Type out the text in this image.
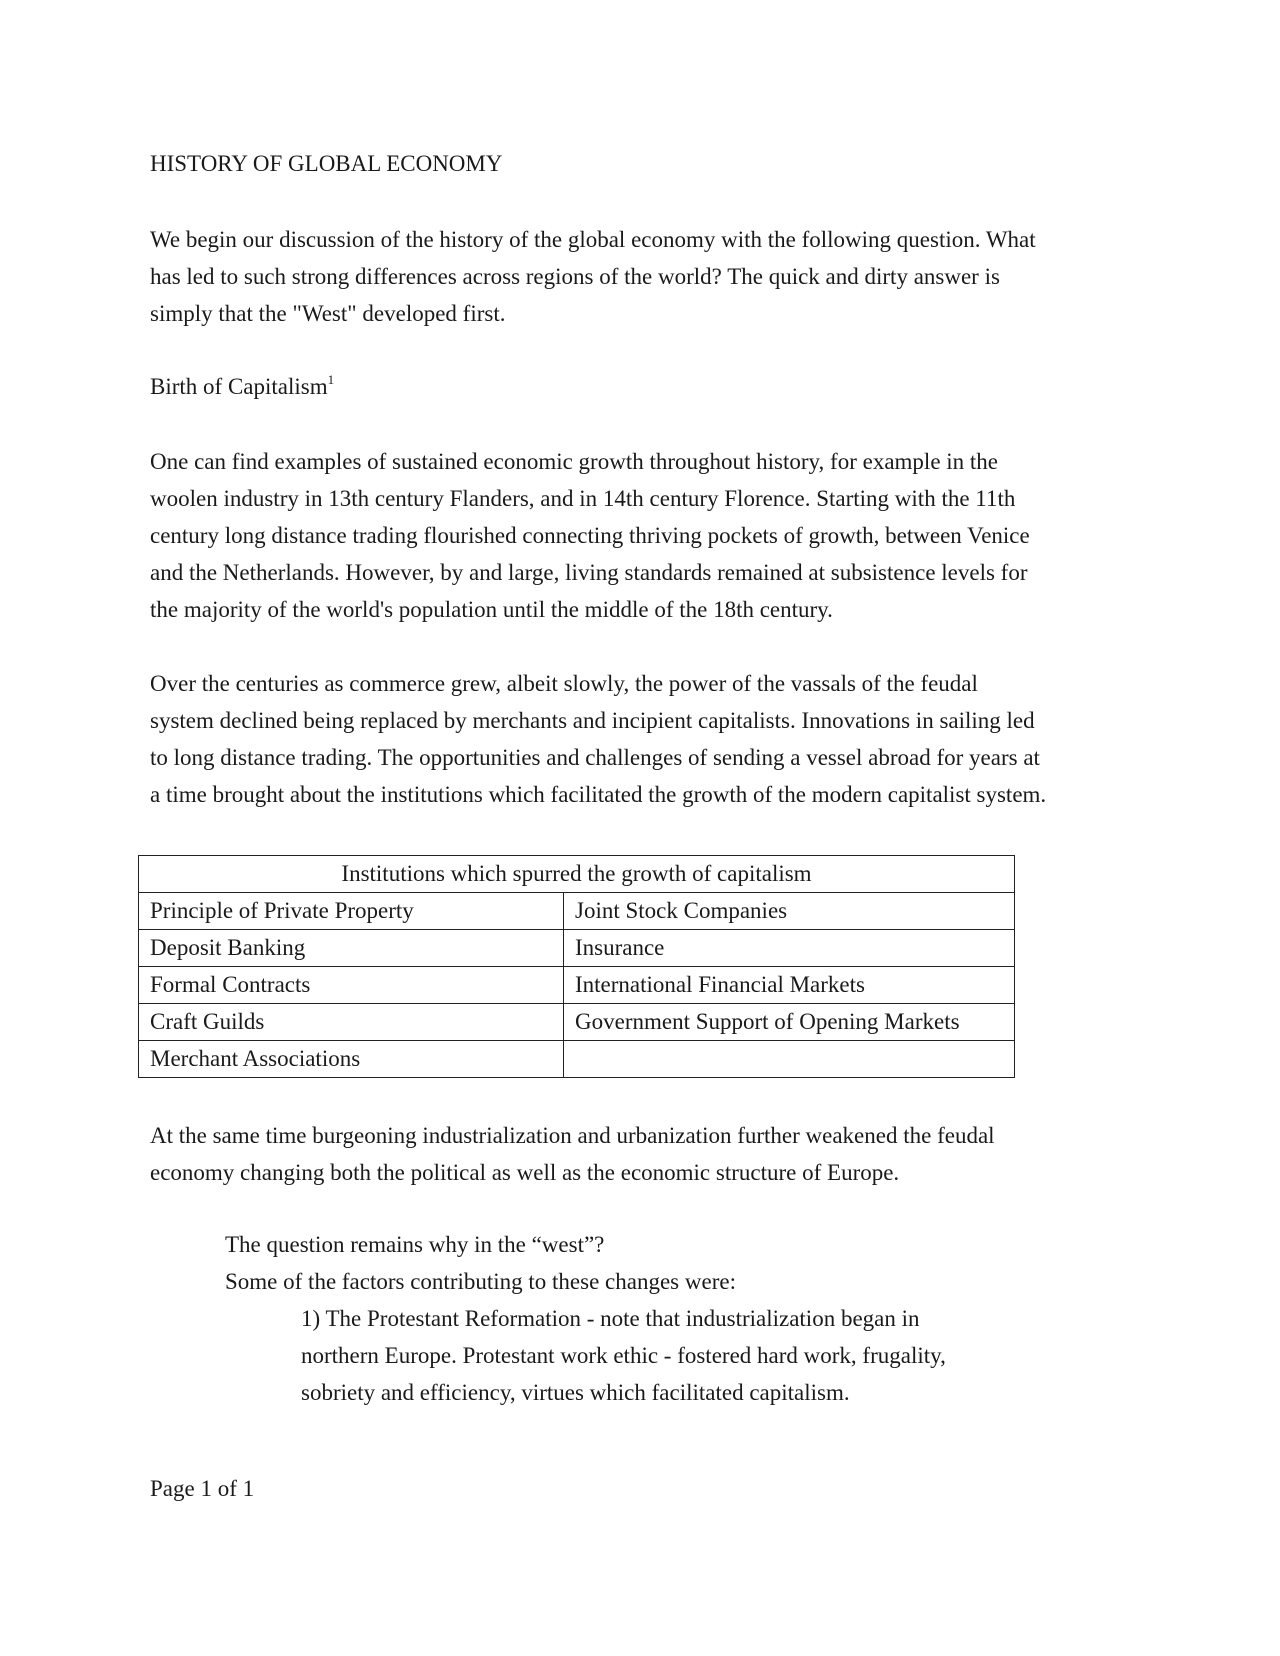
HISTORY OF GLOBAL ECONOMY
We begin our discussion of the history of the global economy with the following question. What
has led to such strong differences across regions of the world? The quick and dirty answer is
simply that the "West" developed first.
Birth of Capitalism$^1$
One can find examples of sustained economic growth throughout history, for example in the
woolen industry in 13th century Flanders, and in 14th century Florence. Starting with the 11th
century long distance trading flourished connecting thriving pockets of growth, between Venice
and the Netherlands. However, by and large, living standards remained at subsistence levels for
the majority of the world's population until the middle of the 18th century.
Over the centuries as commerce grew, albeit slowly, the power of the vassals of the feudal
system declined being replaced by merchants and incipient capitalists. Innovations in sailing led
to long distance trading. The opportunities and challenges of sending a vessel abroad for years at
a time brought about the institutions which facilitated the growth of the modern capitalist system.
Institutions which spurred the growth of capitalism	
Principle of Private Property	Joint Stock Companies
Deposit Banking	Insurance
Formal Contracts	International Financial Markets
Craft Guilds	Government Support of Opening Markets
Merchant Associations	
At the same time burgeoning industrialization and urbanization further weakened the feudal
economy changing both the political as well as the economic structure of Europe.
The question remains why in the “west”?
Some of the factors contributing to these changes were:
1) The Protestant Reformation - note that industrialization began in
northern Europe. Protestant work ethic - fostered hard work, frugality,
sobriety and efficiency, virtues which facilitated capitalism.
Page 1 of 1
